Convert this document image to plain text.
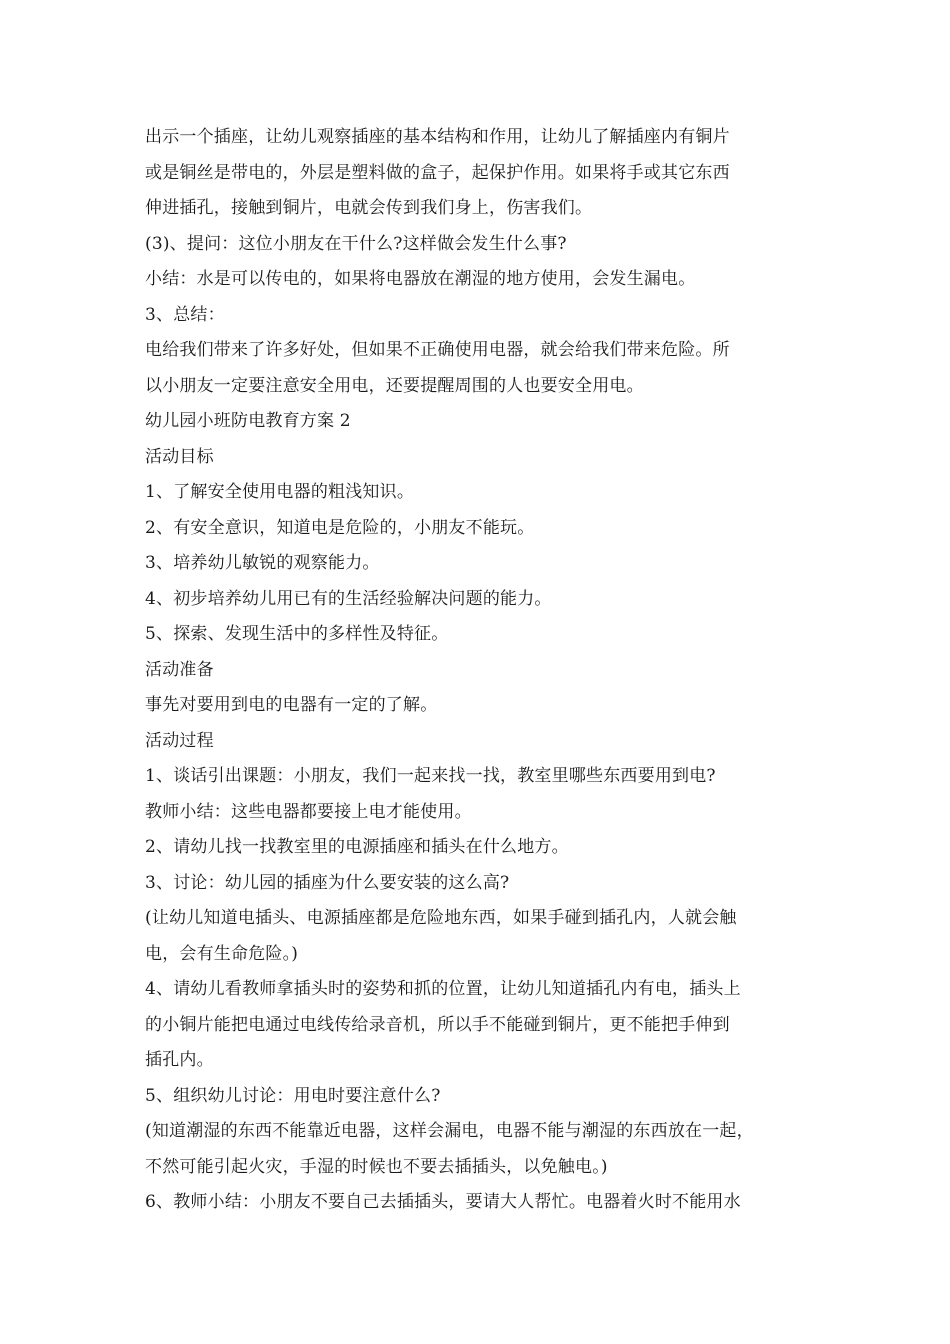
出示一个插座，让幼儿观察插座的基本结构和作用，让幼儿了解插座内有铜片
或是铜丝是带电的，外层是塑料做的盒子，起保护作用。如果将手或其它东西
伸进插孔，接触到铜片，电就会传到我们身上，伤害我们。
(3)、提问：这位小朋友在干什么?这样做会发生什么事?
小结：水是可以传电的，如果将电器放在潮湿的地方使用，会发生漏电。
3、总结：
电给我们带来了许多好处，但如果不正确使用电器，就会给我们带来危险。所
以小朋友一定要注意安全用电，还要提醒周围的人也要安全用电。
幼儿园小班防电教育方案 2
活动目标
1、了解安全使用电器的粗浅知识。
2、有安全意识，知道电是危险的，小朋友不能玩。
3、培养幼儿敏锐的观察能力。
4、初步培养幼儿用已有的生活经验解决问题的能力。
5、探索、发现生活中的多样性及特征。
活动准备
事先对要用到电的电器有一定的了解。
活动过程
1、谈话引出课题：小朋友，我们一起来找一找，教室里哪些东西要用到电?
教师小结：这些电器都要接上电才能使用。
2、请幼儿找一找教室里的电源插座和插头在什么地方。
3、讨论：幼儿园的插座为什么要安装的这么高?
(让幼儿知道电插头、电源插座都是危险地东西，如果手碰到插孔内，人就会触
电，会有生命危险。)
4、请幼儿看教师拿插头时的姿势和抓的位置，让幼儿知道插孔内有电，插头上
的小铜片能把电通过电线传给录音机，所以手不能碰到铜片，更不能把手伸到
插孔内。
5、组织幼儿讨论：用电时要注意什么?
(知道潮湿的东西不能靠近电器，这样会漏电，电器不能与潮湿的东西放在一起，
不然可能引起火灾，手湿的时候也不要去插插头，以免触电。)
6、教师小结：小朋友不要自己去插插头，要请大人帮忙。电器着火时不能用水
